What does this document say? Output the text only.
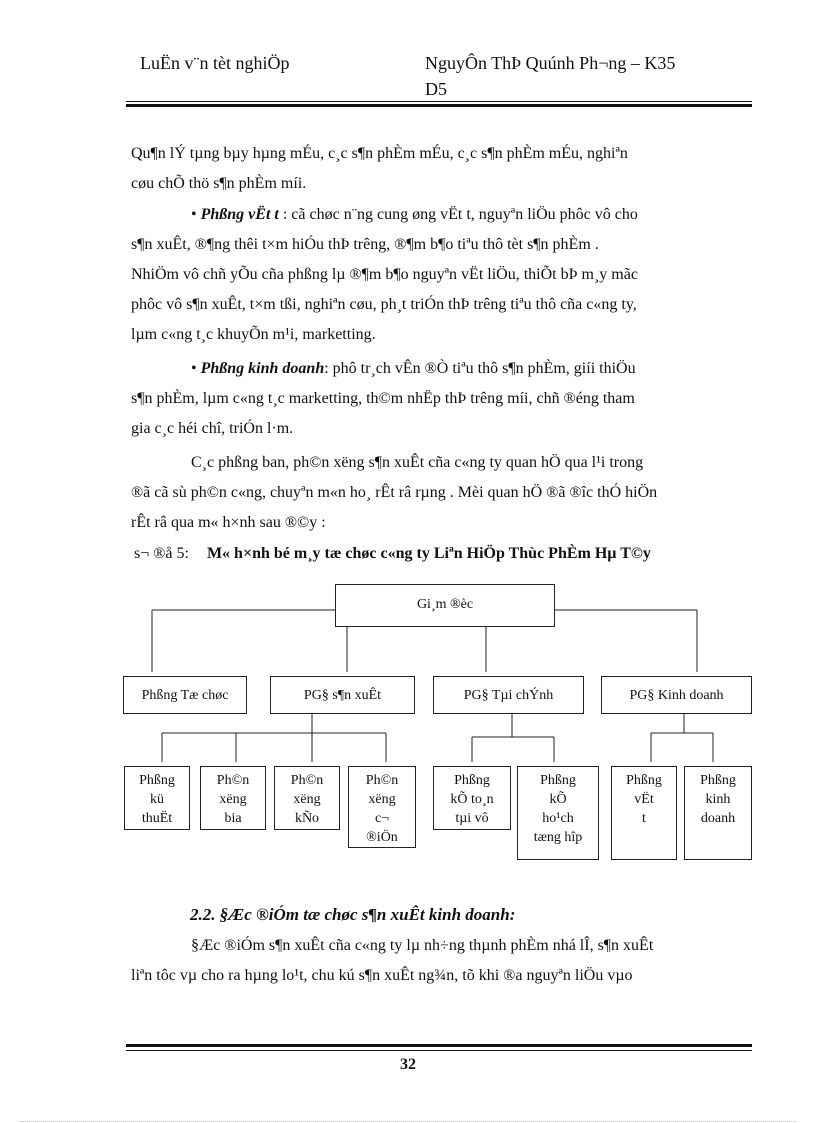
LuËn v¨n tèt nghiÖp	NguyÔn ThÞ Quúnh Ph¬ng – K35
D5
Qu¶n lÝ tµng bµy hµng mÉu, c¸c s¶n phÈm mÉu, c¸c s¶n phÈm mÉu, nghiªn
cøu chÕ thö s¶n phÈm míi.
• Phßng vËt t : cã chøc n¨ng cung øng vËt t, nguyªn liÖu phôc vô cho
s¶n xuÊt, ®¶ng thêi t×m hiÓu thÞ trêng, ®¶m b¶o tiªu thô tèt s¶n phÈm .
NhiÖm vô chñ yÕu cña phßng lµ ®¶m b¶o nguyªn vËt liÖu, thiÕt bÞ m¸y mãc
phôc vô s¶n xuÊt, t×m tßi, nghiªn cøu, ph¸t triÓn thÞ trêng tiªu thô cña c«ng ty,
lµm c«ng t¸c khuyÕn m¹i, marketting.
• Phßng kinh doanh: phô tr¸ch vÊn ®Ò tiªu thô s¶n phÈm, giíi thiÖu
s¶n phÈm, lµm c«ng t¸c marketting, th©m nhËp thÞ trêng míi, chñ ®éng tham
gia c¸c héi chî, triÓn l·m.
C¸c phßng ban, ph©n xëng s¶n xuÊt cña c«ng ty quan hÖ qua l¹i trong
®ã cã sù ph©n c«ng, chuyªn m«n ho¸ rÊt râ rµng . Mèi quan hÖ ®ã ®îc thÓ hiÖn
rÊt râ qua m« h×nh sau ®©y :
s¬ ®å 5: M« h×nh bé m¸y tæ chøc c«ng ty Liªn HiÖp Thùc PhÈm Hµ T©y
Gi¸m ®èc
Phßng Tæ chøc	PG§ s¶n xuÊt	PG§ Tµi chÝnh	PG§ Kinh doanh
Phßng
kü
thuËt
Ph©n
xëng
bia
Ph©n
xëng
kÑo
Ph©n
xëng
c¬
®iÖn
Phßng
kÕ to¸n
tµi vô
Phßng
kÕ
ho¹ch
tæng hîp
Phßng
vËt
t
Phßng
kinh
doanh
2.2. §Æc ®iÓm tæ chøc s¶n xuÊt kinh doanh:
§Æc ®iÓm s¶n xuÊt cña c«ng ty lµ nh÷ng thµnh phÈm nhá lÎ, s¶n xuÊt
liªn tôc vµ cho ra hµng lo¹t, chu kú s¶n xuÊt ng¾n, tõ khi ®a nguyªn liÖu vµo
32
